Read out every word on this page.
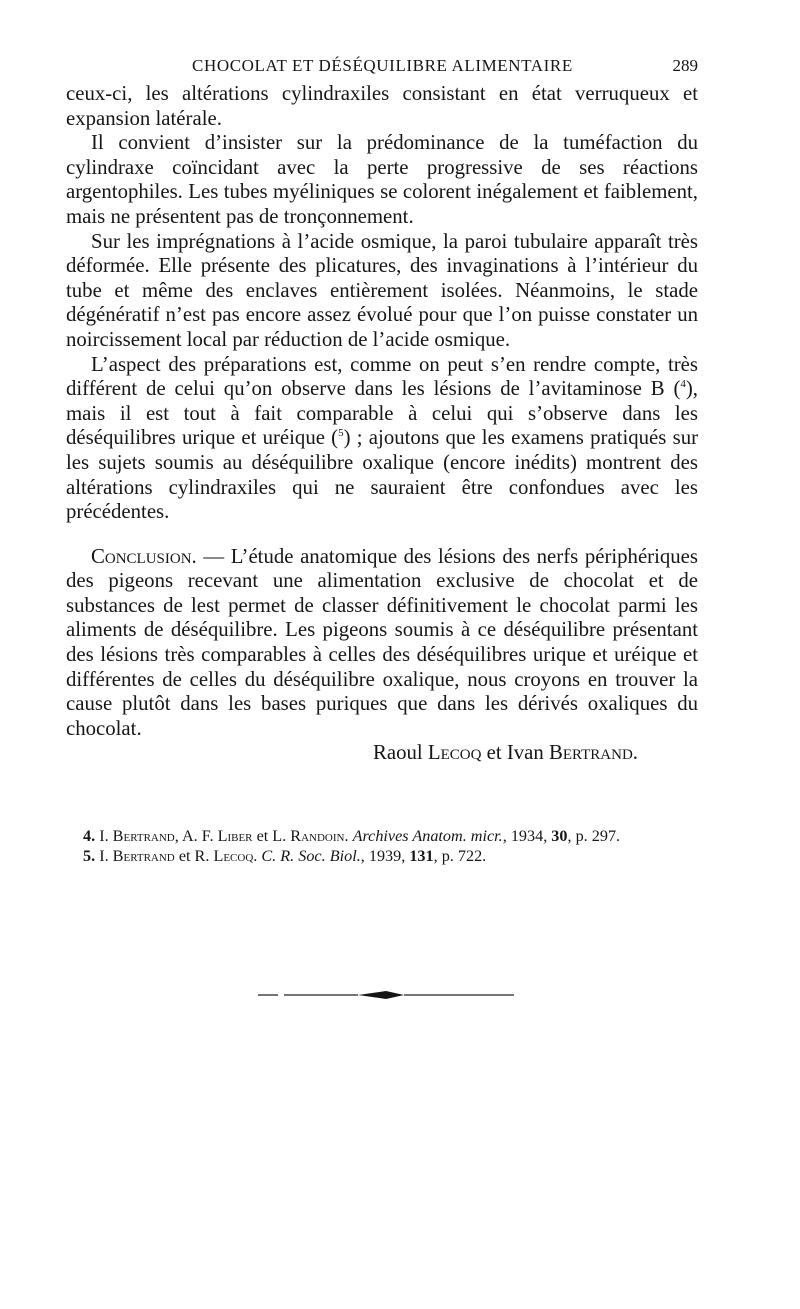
CHOCOLAT ET DÉSÉQUILIBRE ALIMENTAIRE	289

ceux-ci, les altérations cylindraxiles consistant en état verruqueux et expansion latérale.

Il convient d’insister sur la prédominance de la tuméfaction du cylindraxe coïncidant avec la perte progressive de ses réactions argentophiles. Les tubes myéliniques se colorent inégalement et faiblement, mais ne présentent pas de tronçonnement.

Sur les imprégnations à l’acide osmique, la paroi tubulaire apparaît très déformée. Elle présente des plicatures, des invaginations à l’intérieur du tube et même des enclaves entièrement isolées. Néanmoins, le stade dégénératif n’est pas encore assez évolué pour que l’on puisse constater un noircissement local par réduction de l’acide osmique.

L’aspect des préparations est, comme on peut s’en rendre compte, très différent de celui qu’on observe dans les lésions de l’avitaminose B ($^4$), mais il est tout à fait comparable à celui qui s’observe dans les déséquilibres urique et uréique ($^5$) ; ajoutons que les examens pratiqués sur les sujets soumis au déséquilibre oxalique (encore inédits) montrent des altérations cylindraxiles qui ne sauraient être confondues avec les précédentes.

Conclusion. — L’étude anatomique des lésions des nerfs périphériques des pigeons recevant une alimentation exclusive de chocolat et de substances de lest permet de classer définitivement le chocolat parmi les aliments de déséquilibre. Les pigeons soumis à ce déséquilibre présentant des lésions très comparables à celles des déséquilibres urique et uréique et différentes de celles du déséquilibre oxalique, nous croyons en trouver la cause plutôt dans les bases puriques que dans les dérivés oxaliques du chocolat.

Raoul Lecoq et Ivan Bertrand.

4. I. Bertrand, A. F. Liber et L. Randoin. Archives Anatom. micr., 1934, 30, p. 297.

5. I. Bertrand et R. Lecoq. C. R. Soc. Biol., 1939, 131, p. 722.
